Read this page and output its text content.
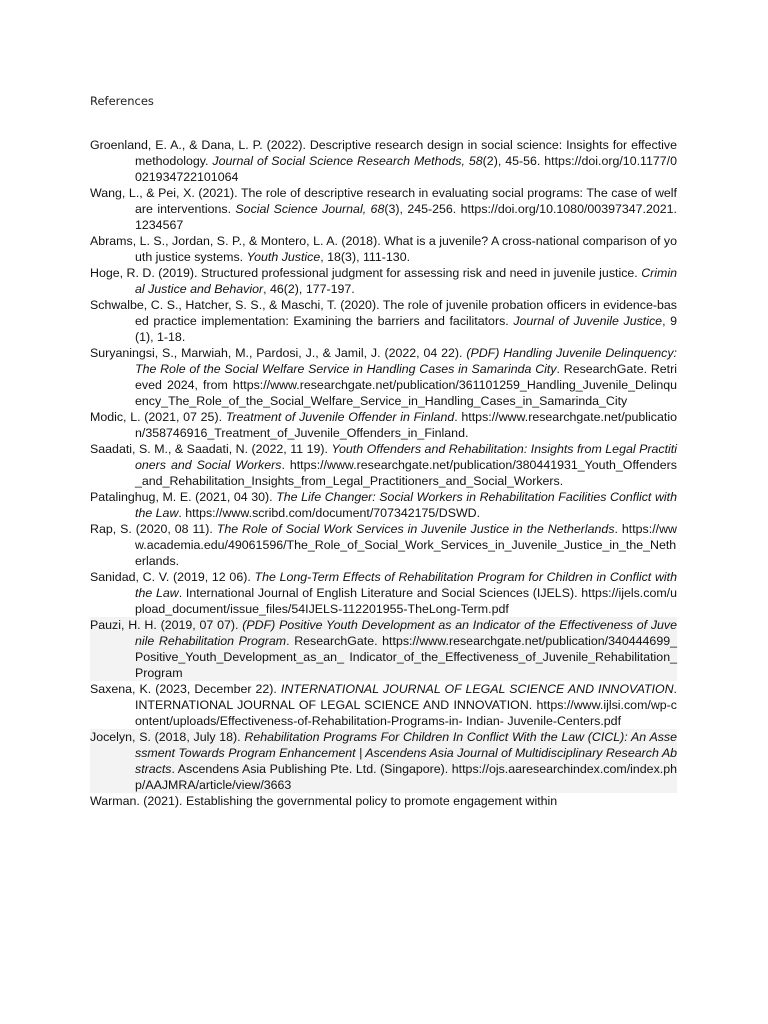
References

Groenland, E. A., & Dana, L. P. (2022). Descriptive research design in social science: Insights for effective methodology. Journal of Social Science Research Methods, 58(2), 45-56. https://doi.org/10.1177/0021934722101064

Wang, L., & Pei, X. (2021). The role of descriptive research in evaluating social programs: The case of welfare interventions. Social Science Journal, 68(3), 245-256. https://doi.org/10.1080/00397347.2021.1234567

Abrams, L. S., Jordan, S. P., & Montero, L. A. (2018). What is a juvenile? A cross-national comparison of youth justice systems. Youth Justice, 18(3), 111-130.

Hoge, R. D. (2019). Structured professional judgment for assessing risk and need in juvenile justice. Criminal Justice and Behavior, 46(2), 177-197.

Schwalbe, C. S., Hatcher, S. S., & Maschi, T. (2020). The role of juvenile probation officers in evidence-based practice implementation: Examining the barriers and facilitators. Journal of Juvenile Justice, 9(1), 1-18.

Suryaningsi, S., Marwiah, M., Pardosi, J., & Jamil, J. (2022, 04 22). (PDF) Handling Juvenile Delinquency: The Role of the Social Welfare Service in Handling Cases in Samarinda City. ResearchGate. Retrieved 2024, from https://www.researchgate.net/publication/361101259_Handling_Juvenile_Delinquency_The_Role_of_the_Social_Welfare_Service_in_Handling_Cases_in_Samarinda_City

Modic, L. (2021, 07 25). Treatment of Juvenile Offender in Finland. https://www.researchgate.net/publication/358746916_Treatment_of_Juvenile_Offenders_in_Finland.

Saadati, S. M., & Saadati, N. (2022, 11 19). Youth Offenders and Rehabilitation: Insights from Legal Practitioners and Social Workers. https://www.researchgate.net/publication/380441931_Youth_Offenders_and_Rehabilitation_Insights_from_Legal_Practitioners_and_Social_Workers.

Patalinghug, M. E. (2021, 04 30). The Life Changer: Social Workers in Rehabilitation Facilities Conflict with the Law. https://www.scribd.com/document/707342175/DSWD.

Rap, S. (2020, 08 11). The Role of Social Work Services in Juvenile Justice in the Netherlands. https://www.academia.edu/49061596/The_Role_of_Social_Work_Services_in_Juvenile_Justice_in_the_Netherlands.

Sanidad, C. V. (2019, 12 06). The Long-Term Effects of Rehabilitation Program for Children in Conflict with the Law. International Journal of English Literature and Social Sciences (IJELS). https://ijels.com/upload_document/issue_files/54IJELS-112201955-TheLong-Term.pdf

Pauzi, H. H. (2019, 07 07). (PDF) Positive Youth Development as an Indicator of the Effectiveness of Juvenile Rehabilitation Program. ResearchGate. https://www.researchgate.net/publication/340444699_Positive_Youth_Development_as_an_ Indicator_of_the_Effectiveness_of_Juvenile_Rehabilitation_Program

Saxena, K. (2023, December 22). INTERNATIONAL JOURNAL OF LEGAL SCIENCE AND INNOVATION. INTERNATIONAL JOURNAL OF LEGAL SCIENCE AND INNOVATION. https://www.ijlsi.com/wp-content/uploads/Effectiveness-of-Rehabilitation-Programs-in- Indian- Juvenile-Centers.pdf

Jocelyn, S. (2018, July 18). Rehabilitation Programs For Children In Conflict With the Law (CICL): An Assessment Towards Program Enhancement | Ascendens Asia Journal of Multidisciplinary Research Abstracts. Ascendens Asia Publishing Pte. Ltd. (Singapore). https://ojs.aaresearchindex.com/index.php/AAJMRA/article/view/3663

Warman. (2021). Establishing the governmental policy to promote engagement within
